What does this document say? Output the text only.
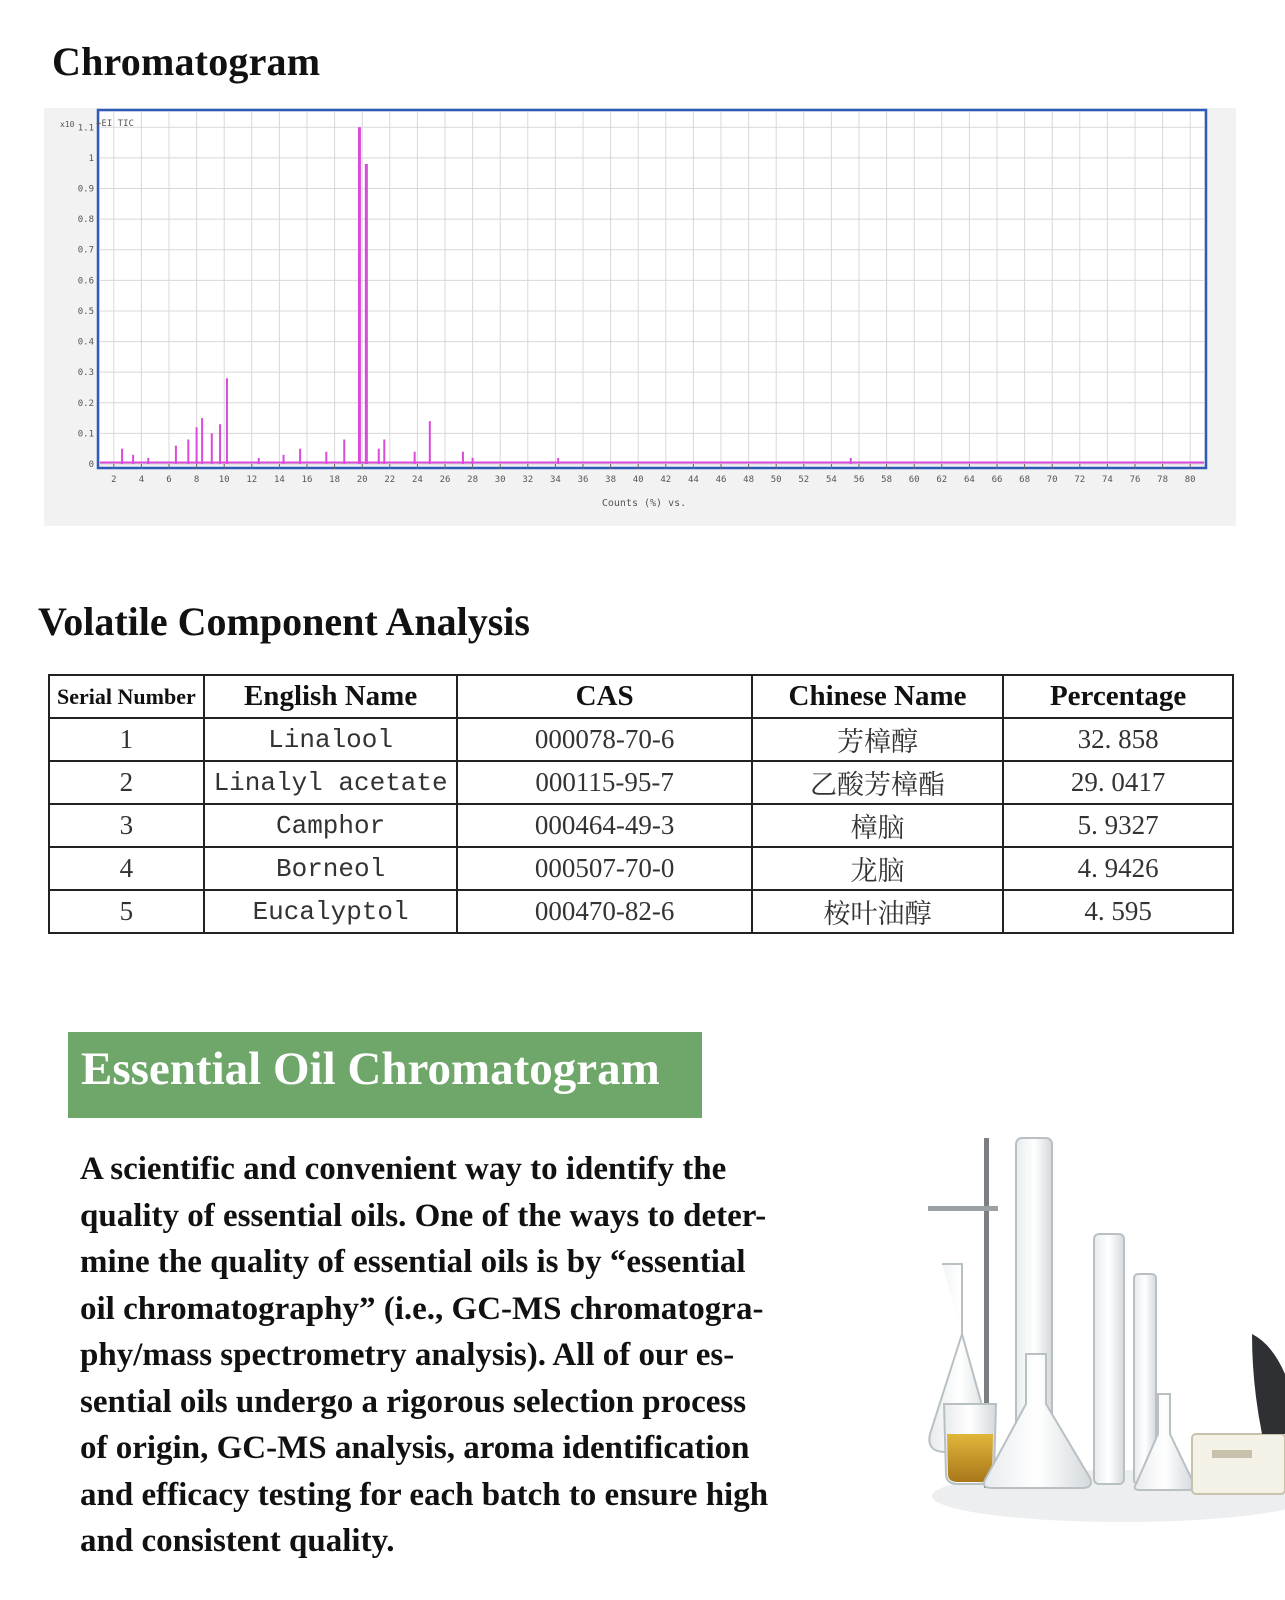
Chromatogram
+EI TIC
x10
0
0.1
0.2
0.3
0.4
0.5
0.6
0.7
0.8
0.9
1
1.1
2 4 6 8 10 12 14 16 18 20 22 24 26 28 30 32 34 36 38 40 42 44 46 48 50 52 54 56 58 60 62 64 66 68 70 72 74 76 78 80
Counts (%) vs.
Volatile Component Analysis
Serial Number	English Name	CAS	Chinese Name	Percentage
1	Linalool	000078-70-6	芳樟醇	32. 858
2	Linalyl acetate	000115-95-7	乙酸芳樟酯	29. 0417
3	Camphor	000464-49-3	樟脑	5. 9327
4	Borneol	000507-70-0	龙脑	4. 9426
5	Eucalyptol	000470-82-6	桉叶油醇	4. 595
Essential Oil Chromatogram
A scientific and convenient way to identify the
quality of essential oils. One of the ways to deter-
mine the quality of essential oils is by “essential
oil chromatography” (i.e., GC-MS chromatogra-
phy/mass spectrometry analysis). All of our es-
sential oils undergo a rigorous selection process
of origin, GC-MS analysis, aroma identification
and efficacy testing for each batch to ensure high
and consistent quality.
